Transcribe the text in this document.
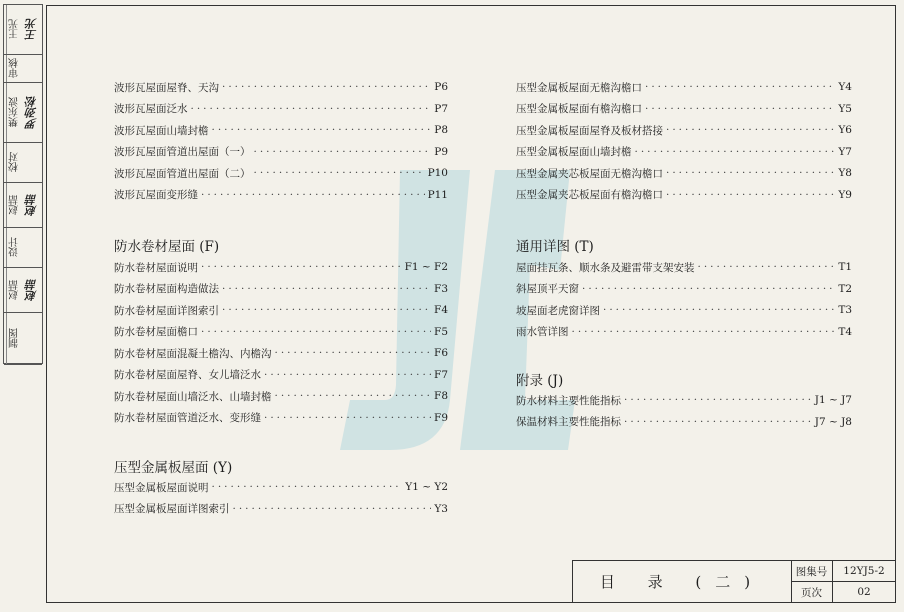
王光 王光
审核
樊东波 罗劲松
校对
赵喆 赵喆
设计
赵喆 赵喆
制图
波形瓦屋面屋脊、天沟 ·····	P6
波形瓦屋面泛水 ·····	P7
波形瓦屋面山墙封檐 ·····	P8
波形瓦屋面管道出屋面（一） ·····	P9
波形瓦屋面管道出屋面（二） ·····	P10
波形瓦屋面变形缝 ·····	P11
防水卷材屋面 (F)
防水卷材屋面说明 ·····	F1 ~ F2
防水卷材屋面构造做法 ·····	F3
防水卷材屋面详图索引 ·····	F4
防水卷材屋面檐口 ·····	F5
防水卷材屋面混凝土檐沟、内檐沟 ·····	F6
防水卷材屋面屋脊、女儿墙泛水 ·····	F7
防水卷材屋面山墙泛水、山墙封檐 ·····	F8
防水卷材屋面管道泛水、变形缝 ·····	F9
压型金属板屋面 (Y)
压型金属板屋面说明 ·····	Y1 ~ Y2
压型金属板屋面详图索引 ·····	Y3
压型金属板屋面无檐沟檐口 ·····	Y4
压型金属板屋面有檐沟檐口 ·····	Y5
压型金属板屋面屋脊及板材搭接 ·····	Y6
压型金属板屋面山墙封檐 ·····	Y7
压型金属夹芯板屋面无檐沟檐口 ·····	Y8
压型金属夹芯板屋面有檐沟檐口 ·····	Y9
通用详图 (T)
屋面挂瓦条、顺水条及避雷带支架安装 ·····	T1
斜屋顶平天窗 ·····	T2
坡屋面老虎窗详图 ·····	T3
雨水管详图 ·····	T4
附录 (J)
防水材料主要性能指标 ·····	J1 ~ J7
保温材料主要性能指标 ·····	J7 ~ J8
目 录 (二)
图集号	12YJ5-2
页次	02
